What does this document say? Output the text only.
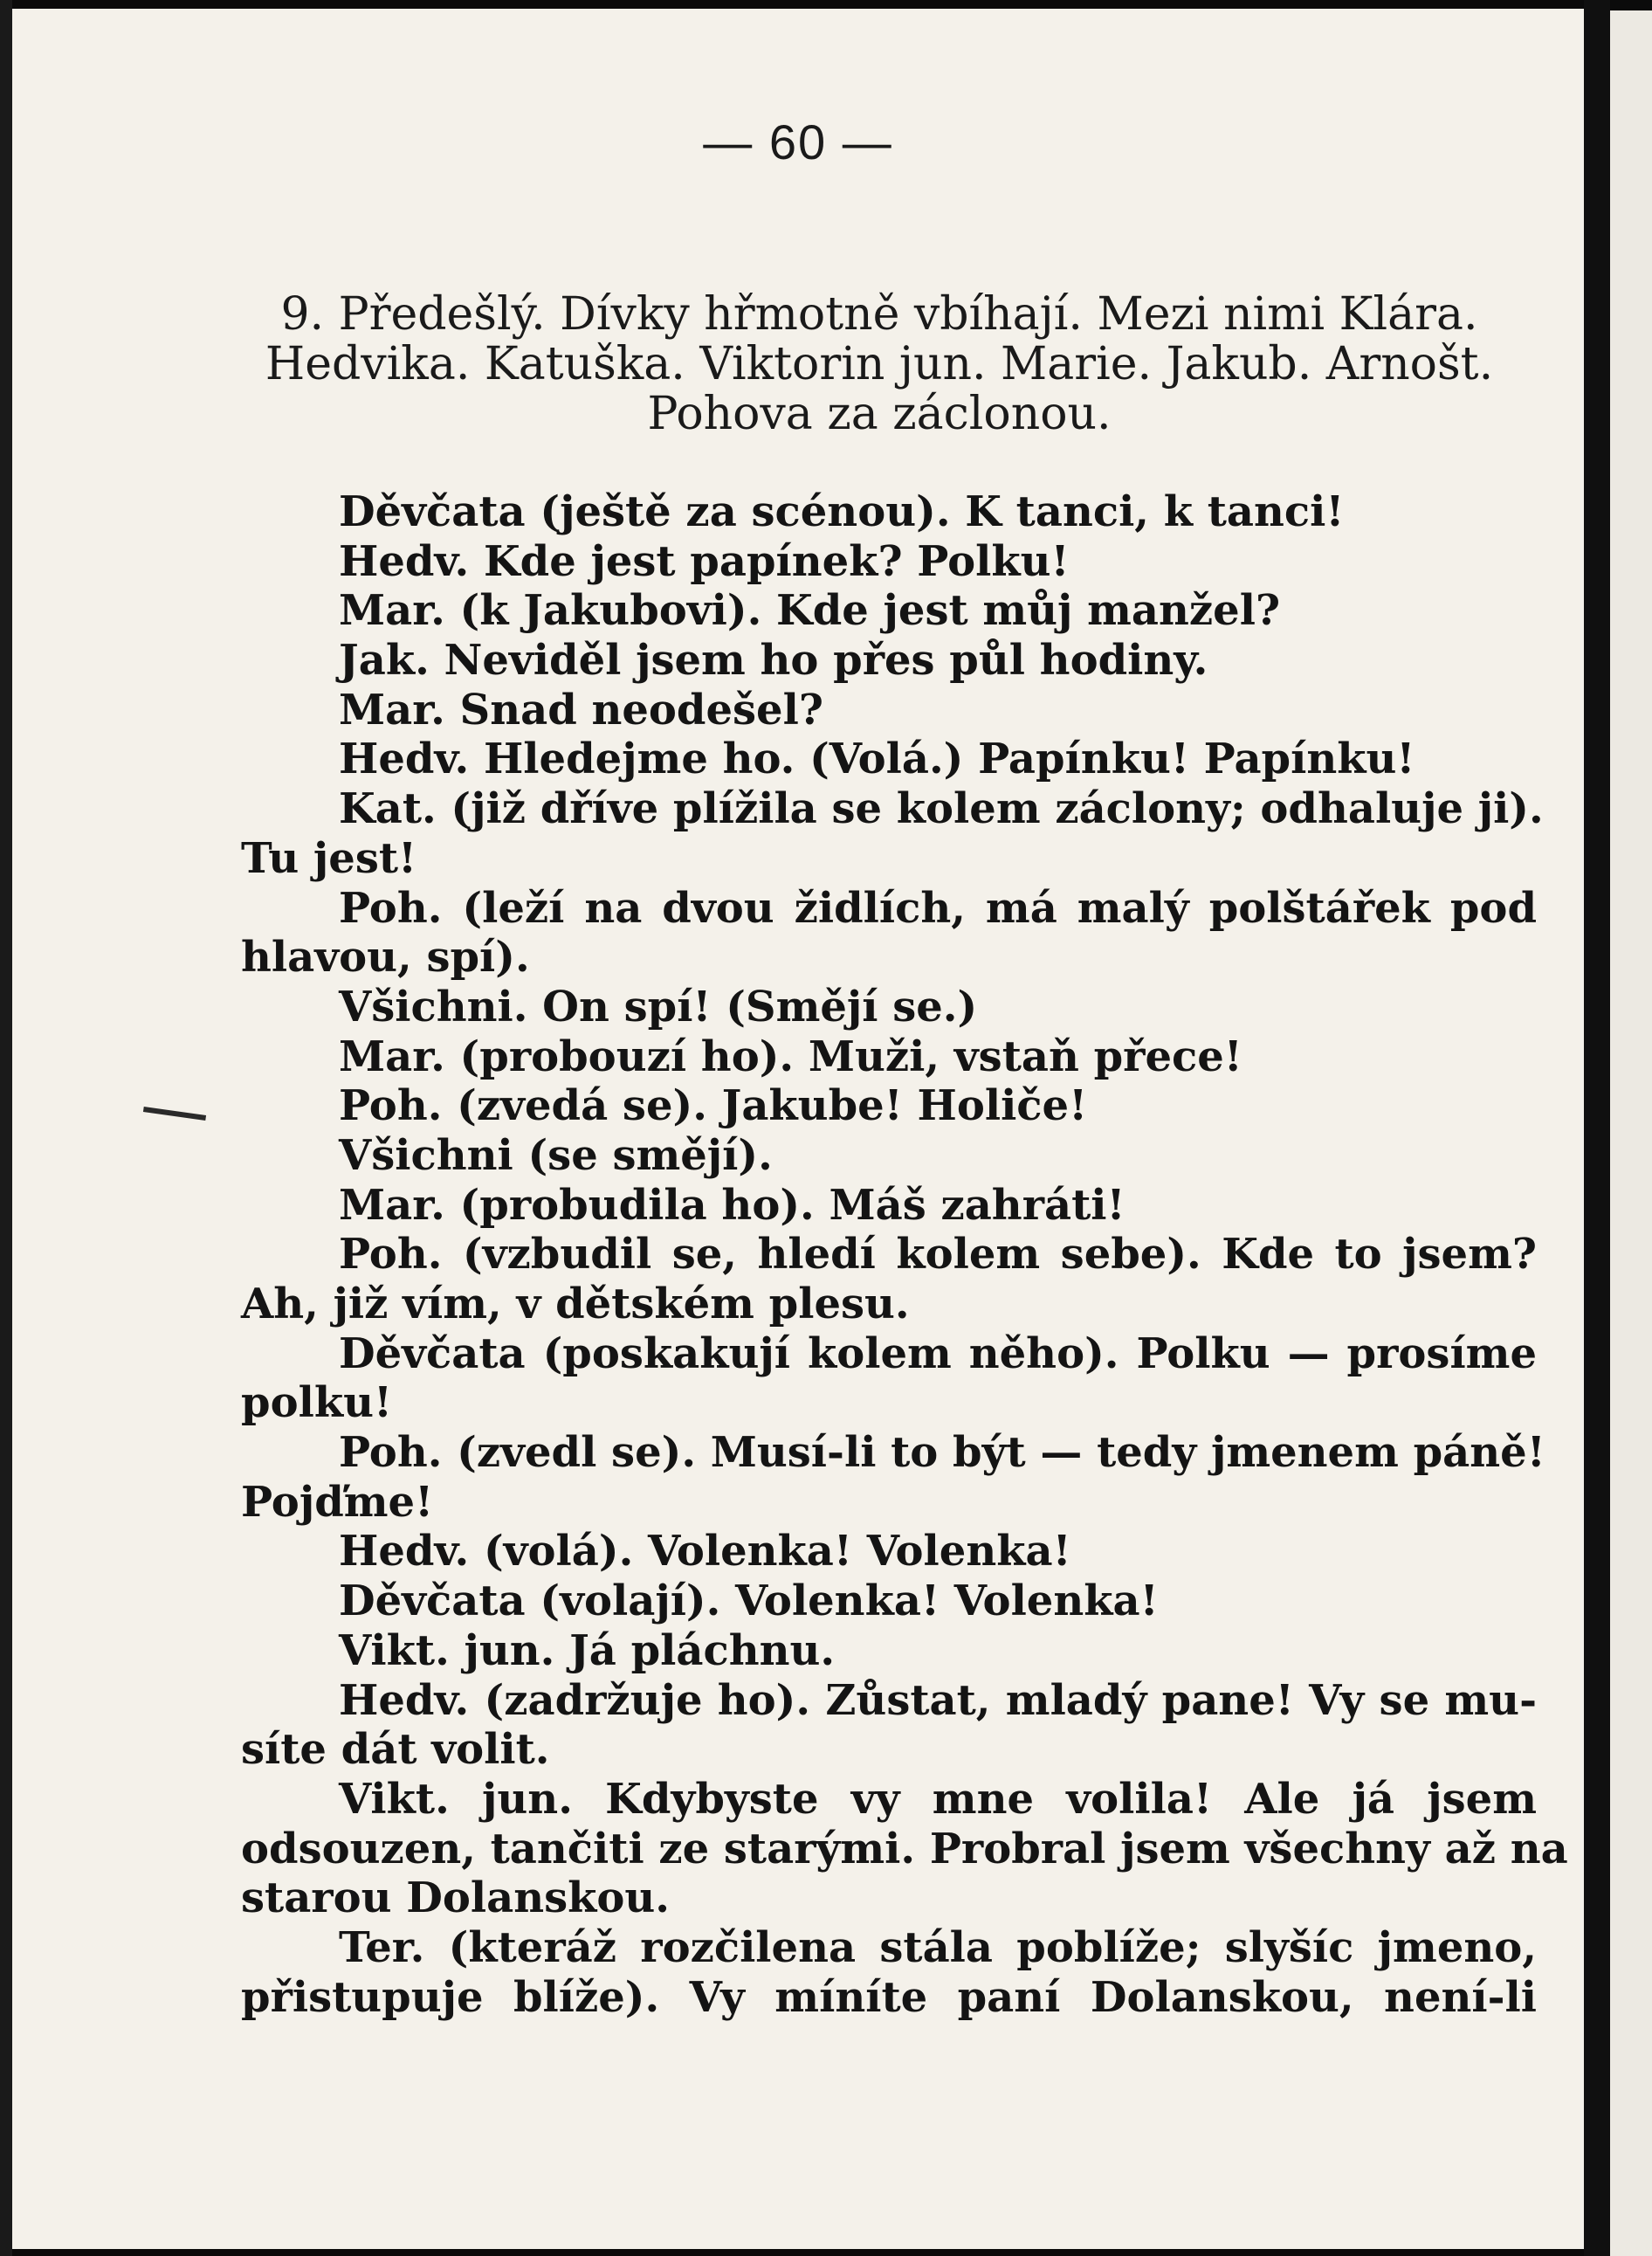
— 60 —

9. Předešlý. Dívky hřmotně vbíhají. Mezi nimi Klára.

Hedvika. Katuška. Viktorin jun. Marie. Jakub. Arnošt.

Pohova za záclonou.

Děvčata (ještě za scénou). K tanci, k tanci!
Hedv. Kde jest papínek? Polku!
Mar. (k Jakubovi). Kde jest můj manžel?
Jak. Neviděl jsem ho přes půl hodiny.
Mar. Snad neodešel?
Hedv. Hledejme ho. (Volá.) Papínku! Papínku!
Kat. (již dříve plížila se kolem záclony; odhaluje ji).
Tu jest!
Poh. (leží na dvou židlích, má malý polštářek pod
hlavou, spí).
Všichni. On spí! (Smějí se.)
Mar. (probouzí ho). Muži, vstaň přece!
Poh. (zvedá se). Jakube! Holiče!
Všichni (se smějí).
Mar. (probudila ho). Máš zahráti!
Poh. (vzbudil se, hledí kolem sebe). Kde to jsem?
Ah, již vím, v dětském plesu.
Děvčata (poskakují kolem něho). Polku — prosíme
polku!
Poh. (zvedl se). Musí-li to být — tedy jmenem páně!
Pojďme!
Hedv. (volá). Volenka! Volenka!
Děvčata (volají). Volenka! Volenka!
Vikt. jun. Já pláchnu.
Hedv. (zadržuje ho). Zůstat, mladý pane! Vy se mu-
síte dát volit.
Vikt. jun. Kdybyste vy mne volila! Ale já jsem
odsouzen, tančiti ze starými. Probral jsem všechny až na
starou Dolanskou.
Ter. (kteráž rozčilena stála poblíže; slyšíc jmeno,
přistupuje blíže). Vy míníte paní Dolanskou, není-li
